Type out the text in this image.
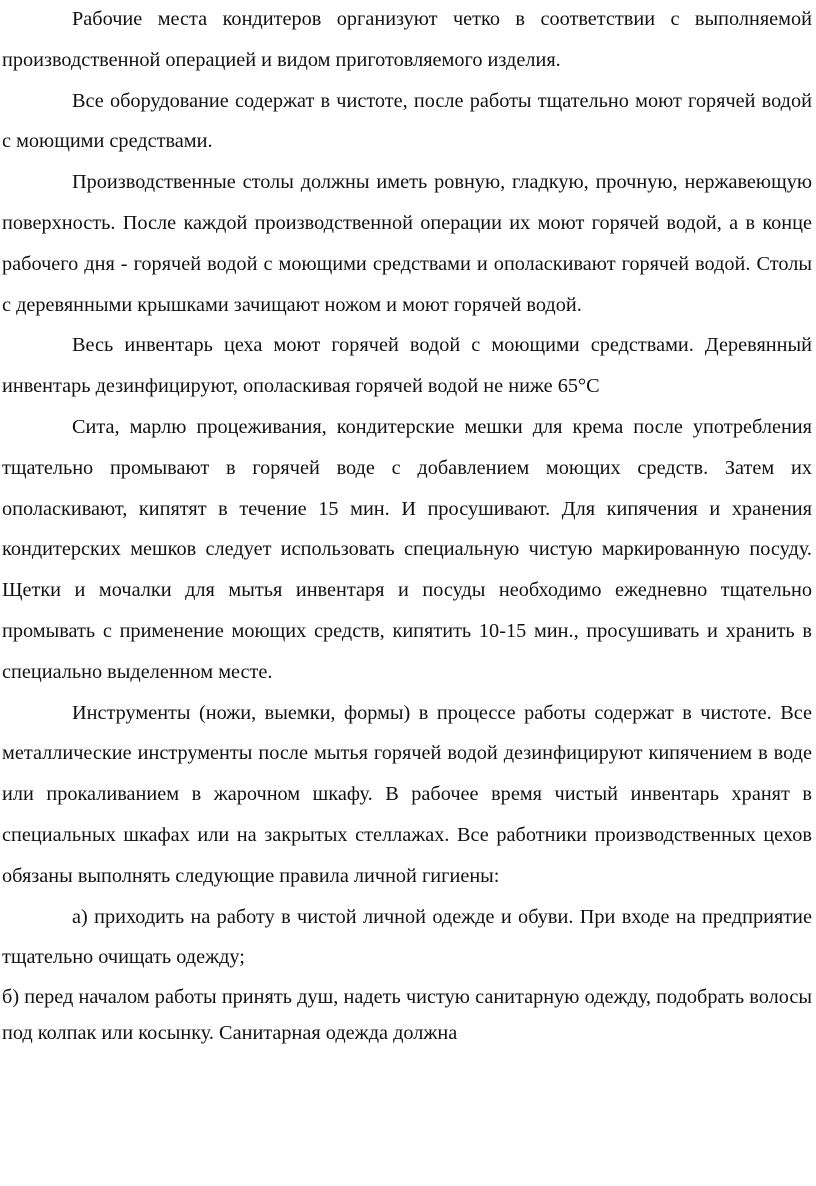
Рабочие места кондитеров организуют четко в соответствии с выполняемой производственной операцией и видом приготовляемого изделия.

Все оборудование содержат в чистоте, после работы тщательно моют горячей водой с моющими средствами.

Производственные столы должны иметь ровную, гладкую, прочную, нержавеющую поверхность. После каждой производственной операции их моют горячей водой, а в конце рабочего дня - горячей водой с моющими средствами и ополаскивают горячей водой. Столы с деревянными крышками зачищают ножом и моют горячей водой.

Весь инвентарь цеха моют горячей водой с моющими средствами. Деревянный инвентарь дезинфицируют, ополаскивая горячей водой не ниже 65°С

Сита, марлю процеживания, кондитерские мешки для крема после употребления тщательно промывают в горячей воде с добавлением моющих средств. Затем их ополаскивают, кипятят в течение 15 мин. И просушивают. Для кипячения и хранения кондитерских мешков следует использовать специальную чистую маркированную посуду. Щетки и мочалки для мытья инвентаря и посуды необходимо ежедневно тщательно промывать с применение моющих средств, кипятить 10-15 мин., просушивать и хранить в специально выделенном месте.

Инструменты (ножи, выемки, формы) в процессе работы содержат в чистоте. Все металлические инструменты после мытья горячей водой дезинфицируют кипячением в воде или прокаливанием в жарочном шкафу. В рабочее время чистый инвентарь хранят в специальных шкафах или на закрытых стеллажах. Все работники производственных цехов обязаны выполнять следующие правила личной гигиены:

а) приходить на работу в чистой личной одежде и обуви. При входе на предприятие тщательно очищать одежду;

б) перед началом работы принять душ, надеть чистую санитарную одежду, подобрать волосы под колпак или косынку. Санитарная одежда должна
